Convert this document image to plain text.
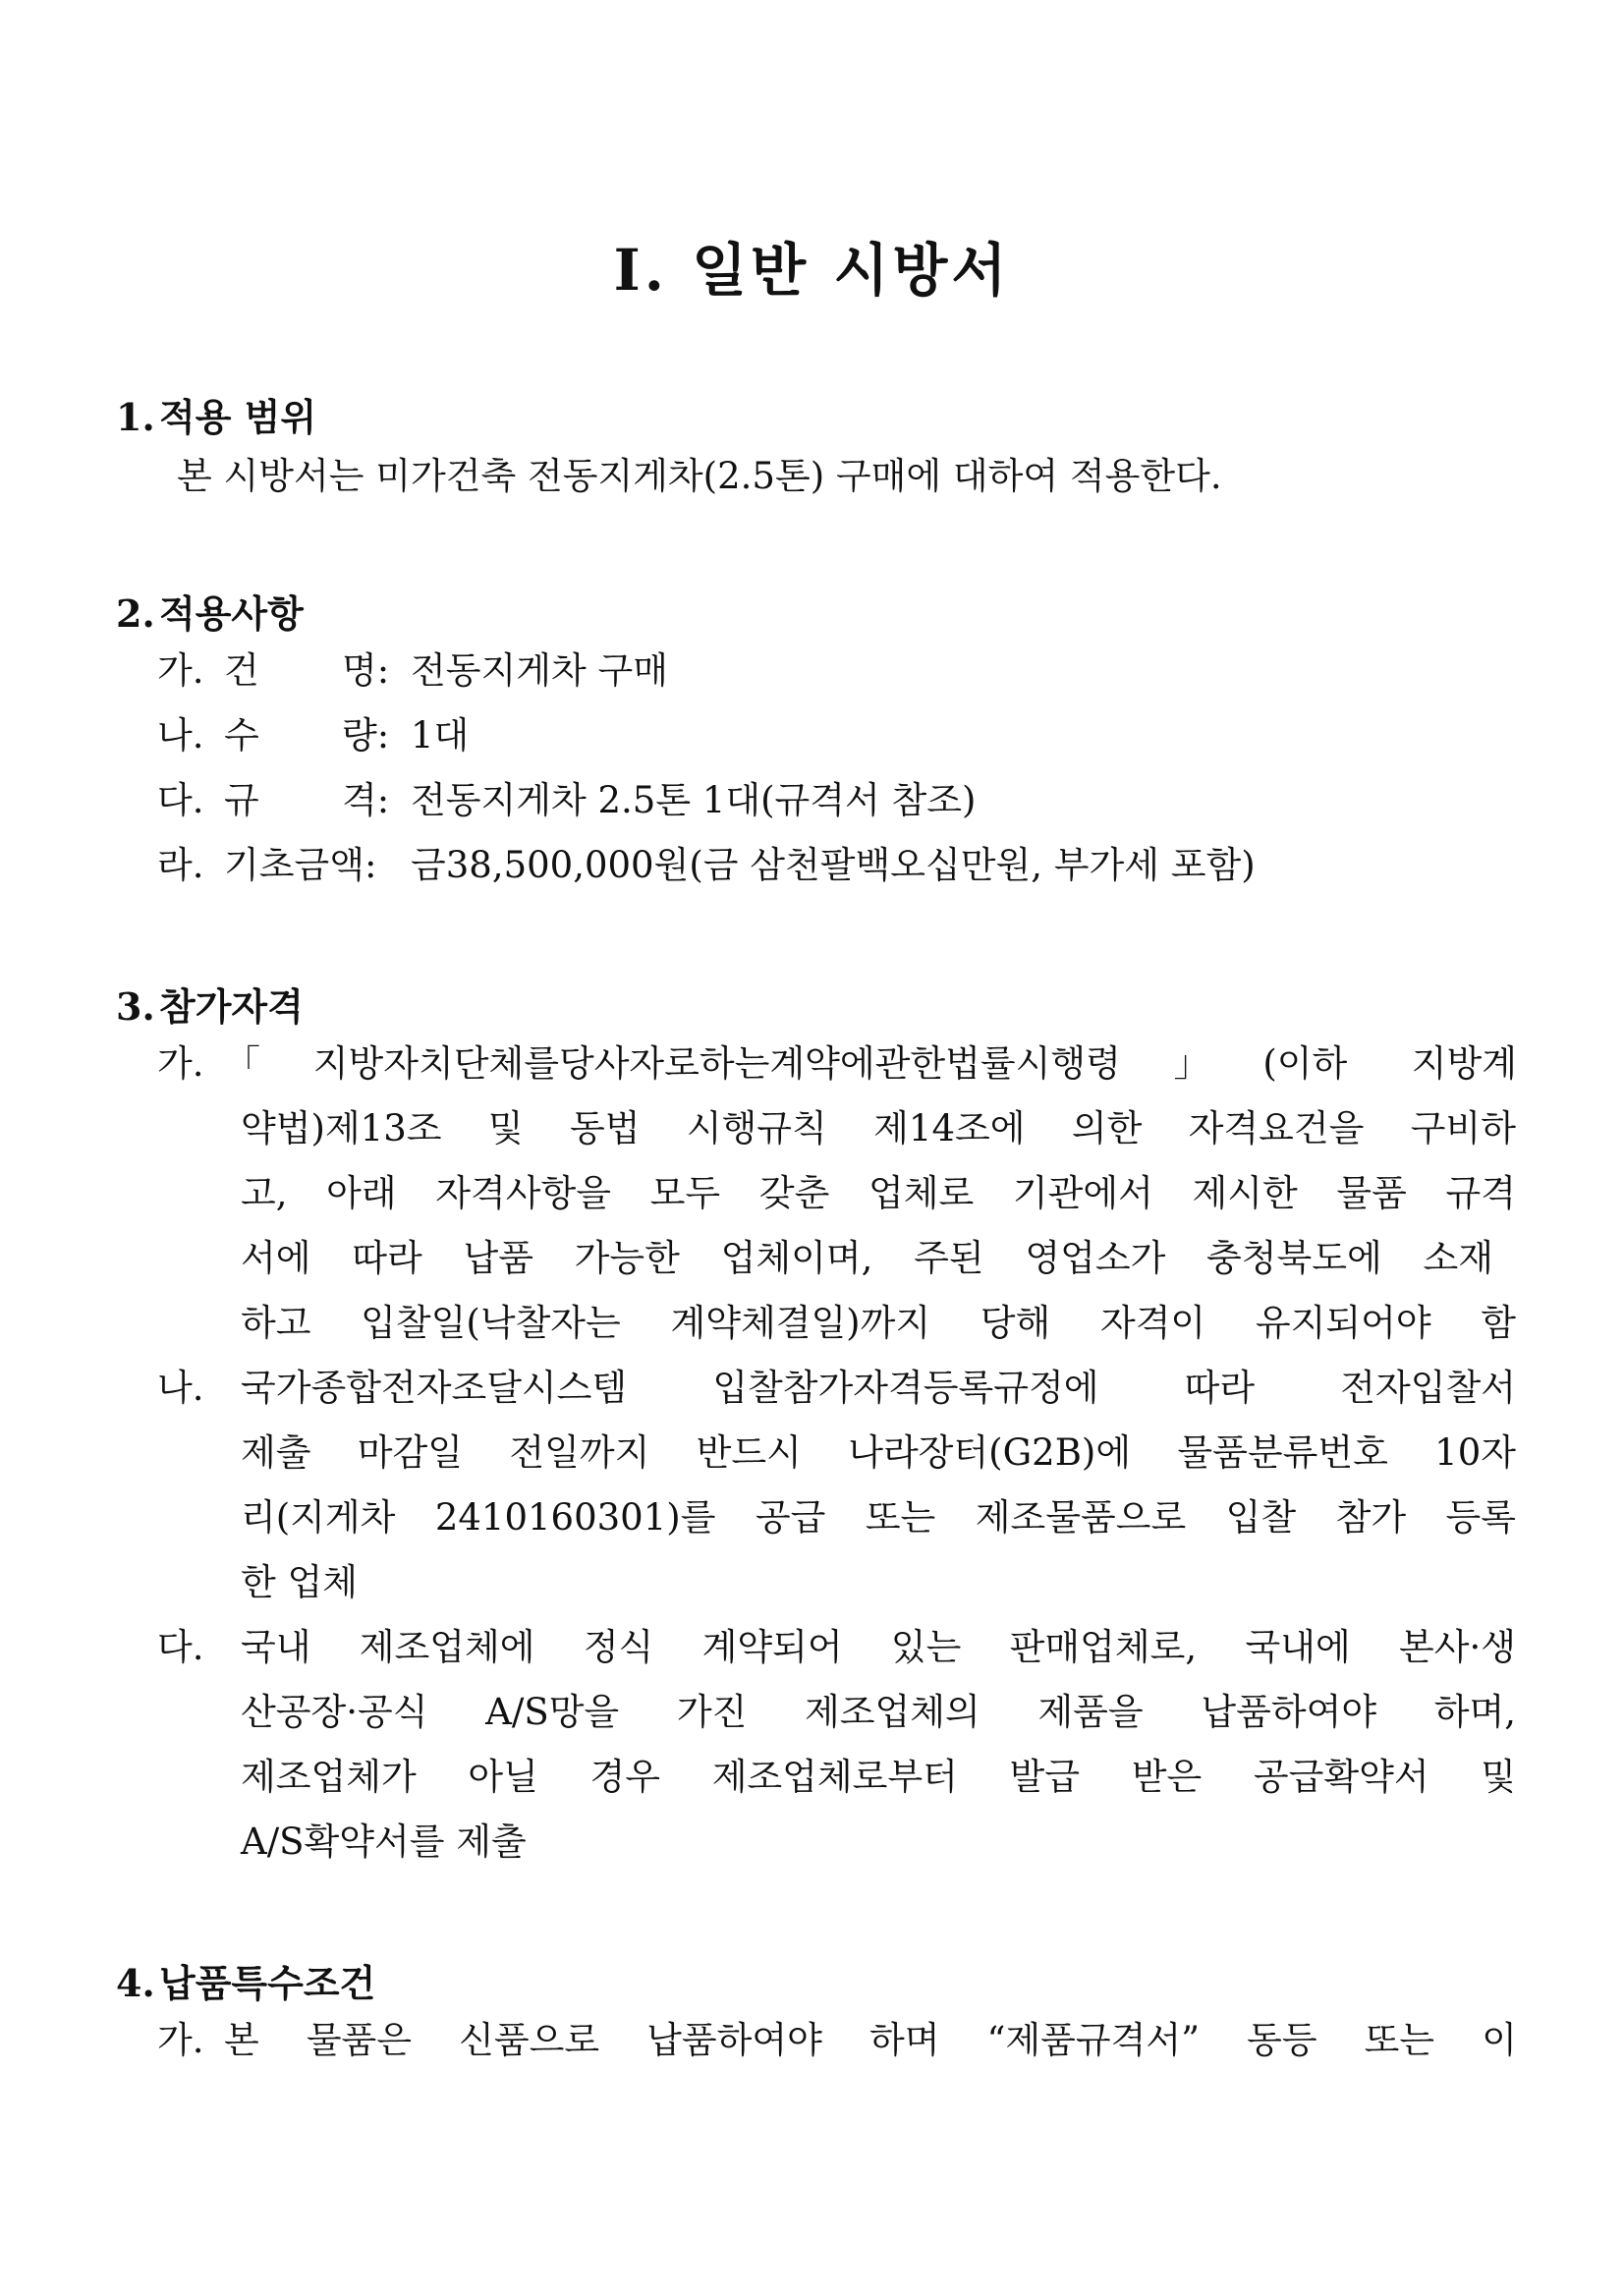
I. 일반 시방서
1. 적용 범위
본 시방서는 미가건축 전동지게차(2.5톤) 구매에 대하여 적용한다.
2. 적용사항
가. 건 명: 전동지게차 구매
나. 수 량: 1대
다. 규 격: 전동지게차 2.5톤 1대(규격서 참조)
라. 기초금액: 금38,500,000원(금 삼천팔백오십만원, 부가세 포함)
3. 참가자격
가. 「지방자치단체를당사자로하는계약에관한법률시행령」(이하 지방계
약법)제13조 및 동법 시행규칙 제14조에 의한 자격요건을 구비하
고, 아래 자격사항을 모두 갖춘 업체로 기관에서 제시한 물품 규격
서에 따라 납품 가능한 업체이며, 주된 영업소가 충청북도에 소재
하고 입찰일(낙찰자는 계약체결일)까지 당해 자격이 유지되어야 함
나.	국가종합전자조달시스템 입찰참가자격등록규정에 따라 전자입찰서
제출 마감일 전일까지 반드시 나라장터(G2B)에 물품분류번호 10자
리(지게차 2410160301)를 공급 또는 제조물품으로 입찰 참가 등록
한 업체
다.	국내 제조업체에 정식 계약되어 있는 판매업체로, 국내에 본사·생
산공장·공식 A/S망을 가진 제조업체의 제품을 납품하여야 하며,
제조업체가 아닐 경우 제조업체로부터 발급 받은 공급확약서 및
A/S확약서를 제출
4. 납품특수조건
가. 본 물품은 신품으로 납품하여야 하며 “제품규격서” 동등 또는 이
